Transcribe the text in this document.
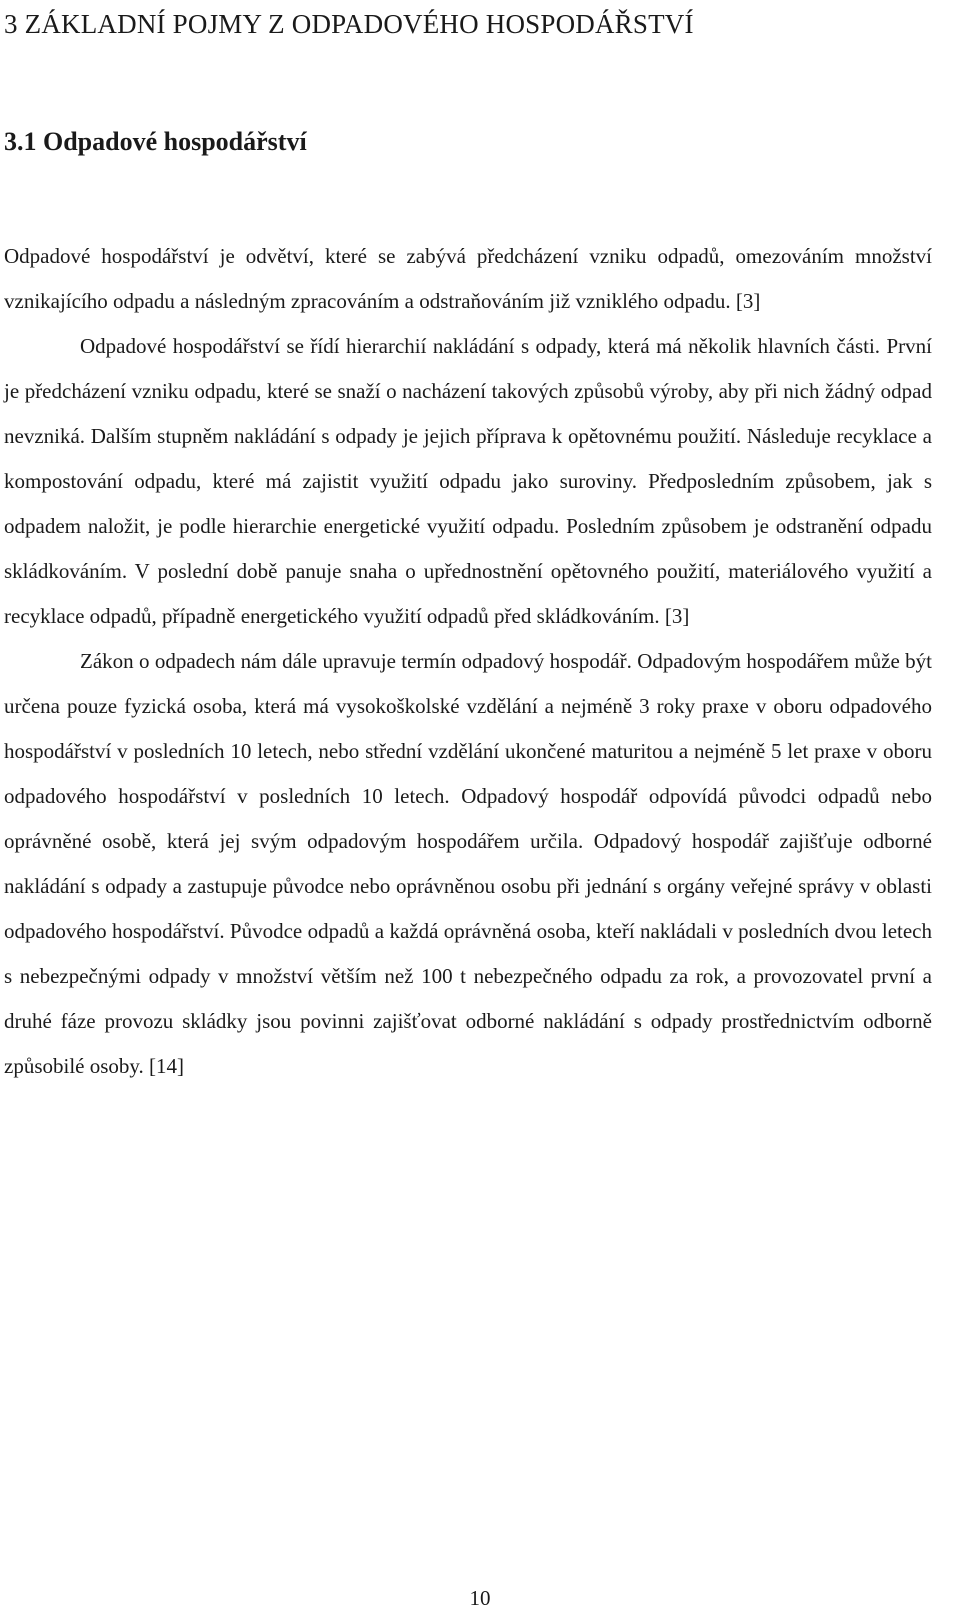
3 ZÁKLADNÍ POJMY Z ODPADOVÉHO HOSPODÁŘSTVÍ
3.1 Odpadové hospodářství

Odpadové hospodářství je odvětví, které se zabývá předcházení vzniku odpadů, omezováním množství vznikajícího odpadu a následným zpracováním a odstraňováním již vzniklého odpadu. [3]

Odpadové hospodářství se řídí hierarchií nakládání s odpady, která má několik hlavních části. První je předcházení vzniku odpadu, které se snaží o nacházení takových způsobů výroby, aby při nich žádný odpad nevzniká. Dalším stupněm nakládání s odpady je jejich příprava k opětovnému použití. Následuje recyklace a kompostování odpadu, které má zajistit využití odpadu jako suroviny. Předposledním způsobem, jak s odpadem naložit, je podle hierarchie energetické využití odpadu. Posledním způsobem je odstranění odpadu skládkováním. V poslední době panuje snaha o upřednostnění opětovného použití, materiálového využití a recyklace odpadů, případně energetického využití odpadů před skládkováním. [3]

Zákon o odpadech nám dále upravuje termín odpadový hospodář. Odpadovým hospodářem může být určena pouze fyzická osoba, která má vysokoškolské vzdělání a nejméně 3 roky praxe v oboru odpadového hospodářství v posledních 10 letech, nebo střední vzdělání ukončené maturitou a nejméně 5 let praxe v oboru odpadového hospodářství v posledních 10 letech. Odpadový hospodář odpovídá původci odpadů nebo oprávněné osobě, která jej svým odpadovým hospodářem určila. Odpadový hospodář zajišťuje odborné nakládání s odpady a zastupuje původce nebo oprávněnou osobu při jednání s orgány veřejné správy v oblasti odpadového hospodářství. Původce odpadů a každá oprávněná osoba, kteří nakládali v posledních dvou letech s nebezpečnými odpady v množství větším než 100 t nebezpečného odpadu za rok, a provozovatel první a druhé fáze provozu skládky jsou povinni zajišťovat odborné nakládání s odpady prostřednictvím odborně způsobilé osoby. [14]

10
